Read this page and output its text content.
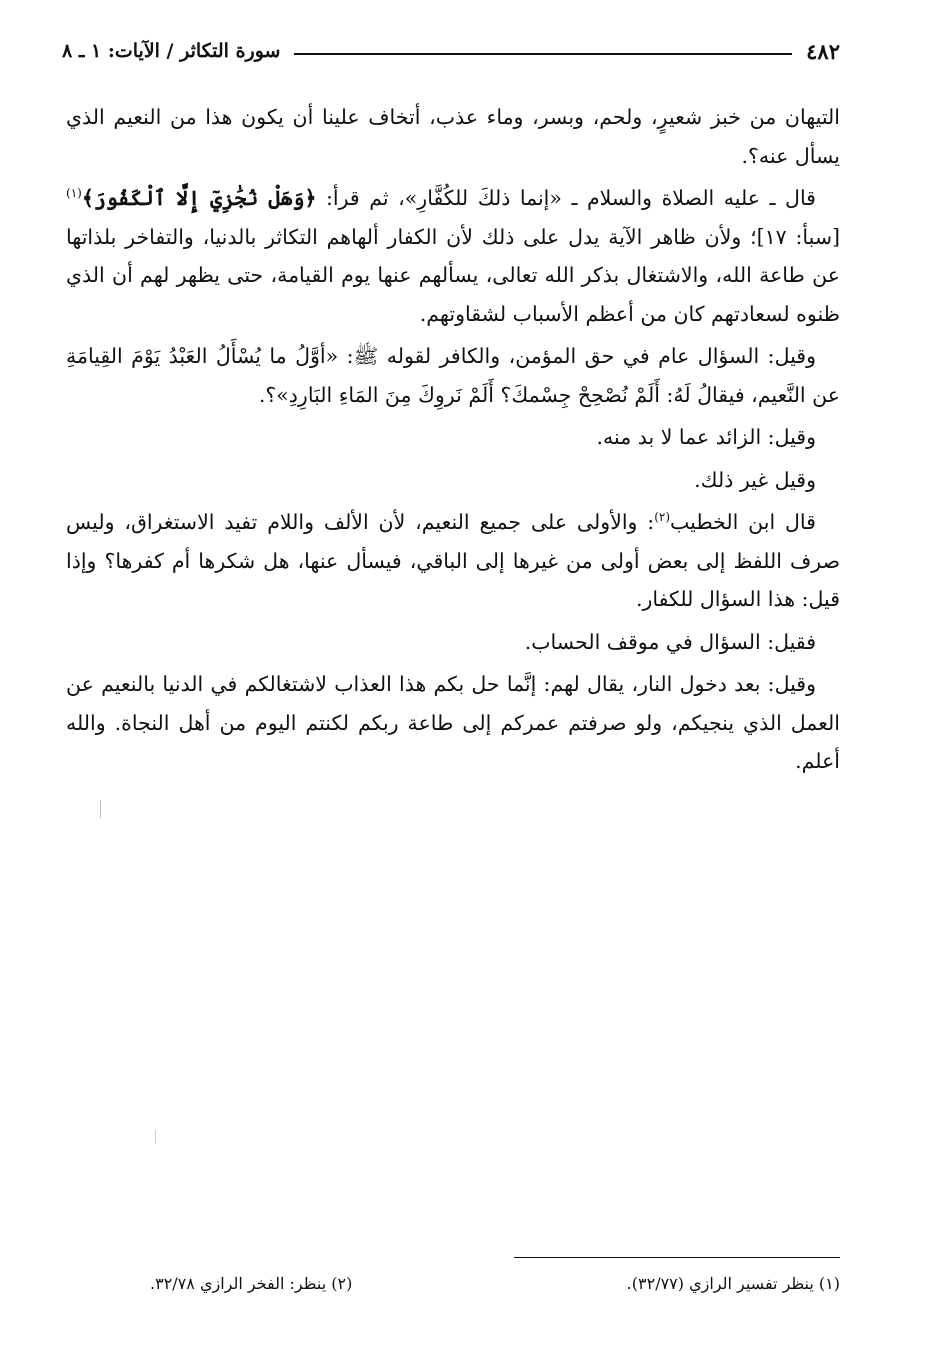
٤٨٢
سورة التكاثر / الآيات: ١ ـ ٨

التيهان من خبز شعيرٍ، ولحم، وبسر، وماء عذب، أتخاف علينا أن يكون هذا من النعيم الذي يسأل عنه؟.

قال ـ عليه الصلاة والسلام ـ «إنما ذلكَ للكُفَّارِ»، ثم قرأ: ﴿وَهَلْ نُجَٰزِيٓ إِلَّا ٱلْكَفُورَ﴾$^{(١)}$ [سبأ: ١٧]؛ ولأن ظاهر الآية يدل على ذلك لأن الكفار ألهاهم التكاثر بالدنيا، والتفاخر بلذاتها عن طاعة الله، والاشتغال بذكر الله تعالى، يسألهم عنها يوم القيامة، حتى يظهر لهم أن الذي ظنوه لسعادتهم كان من أعظم الأسباب لشقاوتهم.

وقيل: السؤال عام في حق المؤمن، والكافر لقوله ﷺ: «أوَّلُ ما يُسْأَلُ العَبْدُ يَوْمَ القِيامَةِ عن النَّعيم، فيقالُ لَهُ: أَلَمْ نُصْحِحْ جِسْمكَ؟ أَلَمْ نَروِكَ مِنَ المَاءِ البَارِدِ»؟.

وقيل: الزائد عما لا بد منه.

وقيل غير ذلك.

قال ابن الخطيب$^{(٢)}$: والأولى على جميع النعيم، لأن الألف واللام تفيد الاستغراق، وليس صرف اللفظ إلى بعض أولى من غيرها إلى الباقي، فيسأل عنها، هل شكرها أم كفرها؟ وإذا قيل: هذا السؤال للكفار.

فقيل: السؤال في موقف الحساب.

وقيل: بعد دخول النار، يقال لهم: إنَّما حل بكم هذا العذاب لاشتغالكم في الدنيا بالنعيم عن العمل الذي ينجيكم، ولو صرفتم عمركم إلى طاعة ربكم لكنتم اليوم من أهل النجاة. والله أعلم.

(١) ينظر تفسير الرازي (٣٢/٧٧).
(٢) ينظر: الفخر الرازي ٣٢/٧٨.
